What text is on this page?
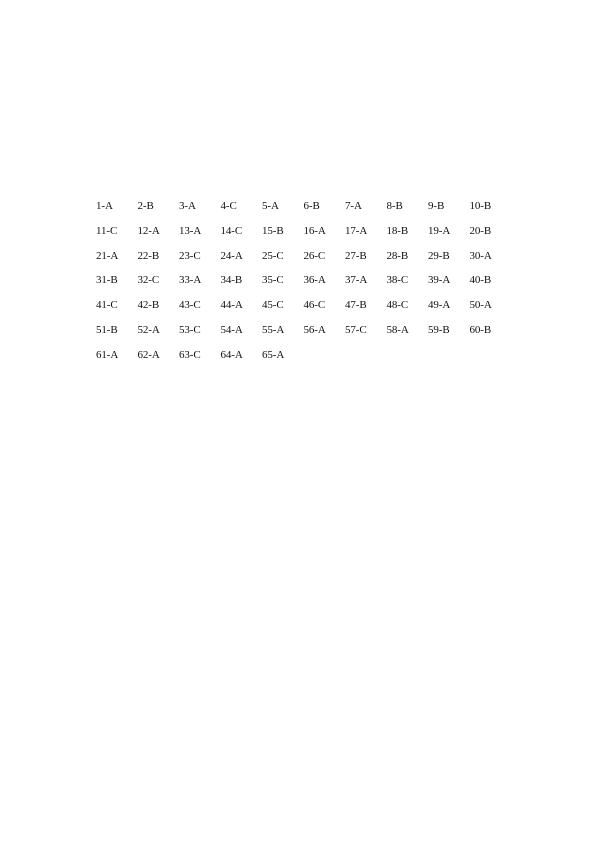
1-A	2-B	3-A	4-C	5-A	6-B	7-A	8-B	9-B	10-B
11-C	12-A	13-A	14-C	15-B	16-A	17-A	18-B	19-A	20-B
21-A	22-B	23-C	24-A	25-C	26-C	27-B	28-B	29-B	30-A
31-B	32-C	33-A	34-B	35-C	36-A	37-A	38-C	39-A	40-B
41-C	42-B	43-C	44-A	45-C	46-C	47-B	48-C	49-A	50-A
51-B	52-A	53-C	54-A	55-A	56-A	57-C	58-A	59-B	60-B
61-A	62-A	63-C	64-A	65-A
